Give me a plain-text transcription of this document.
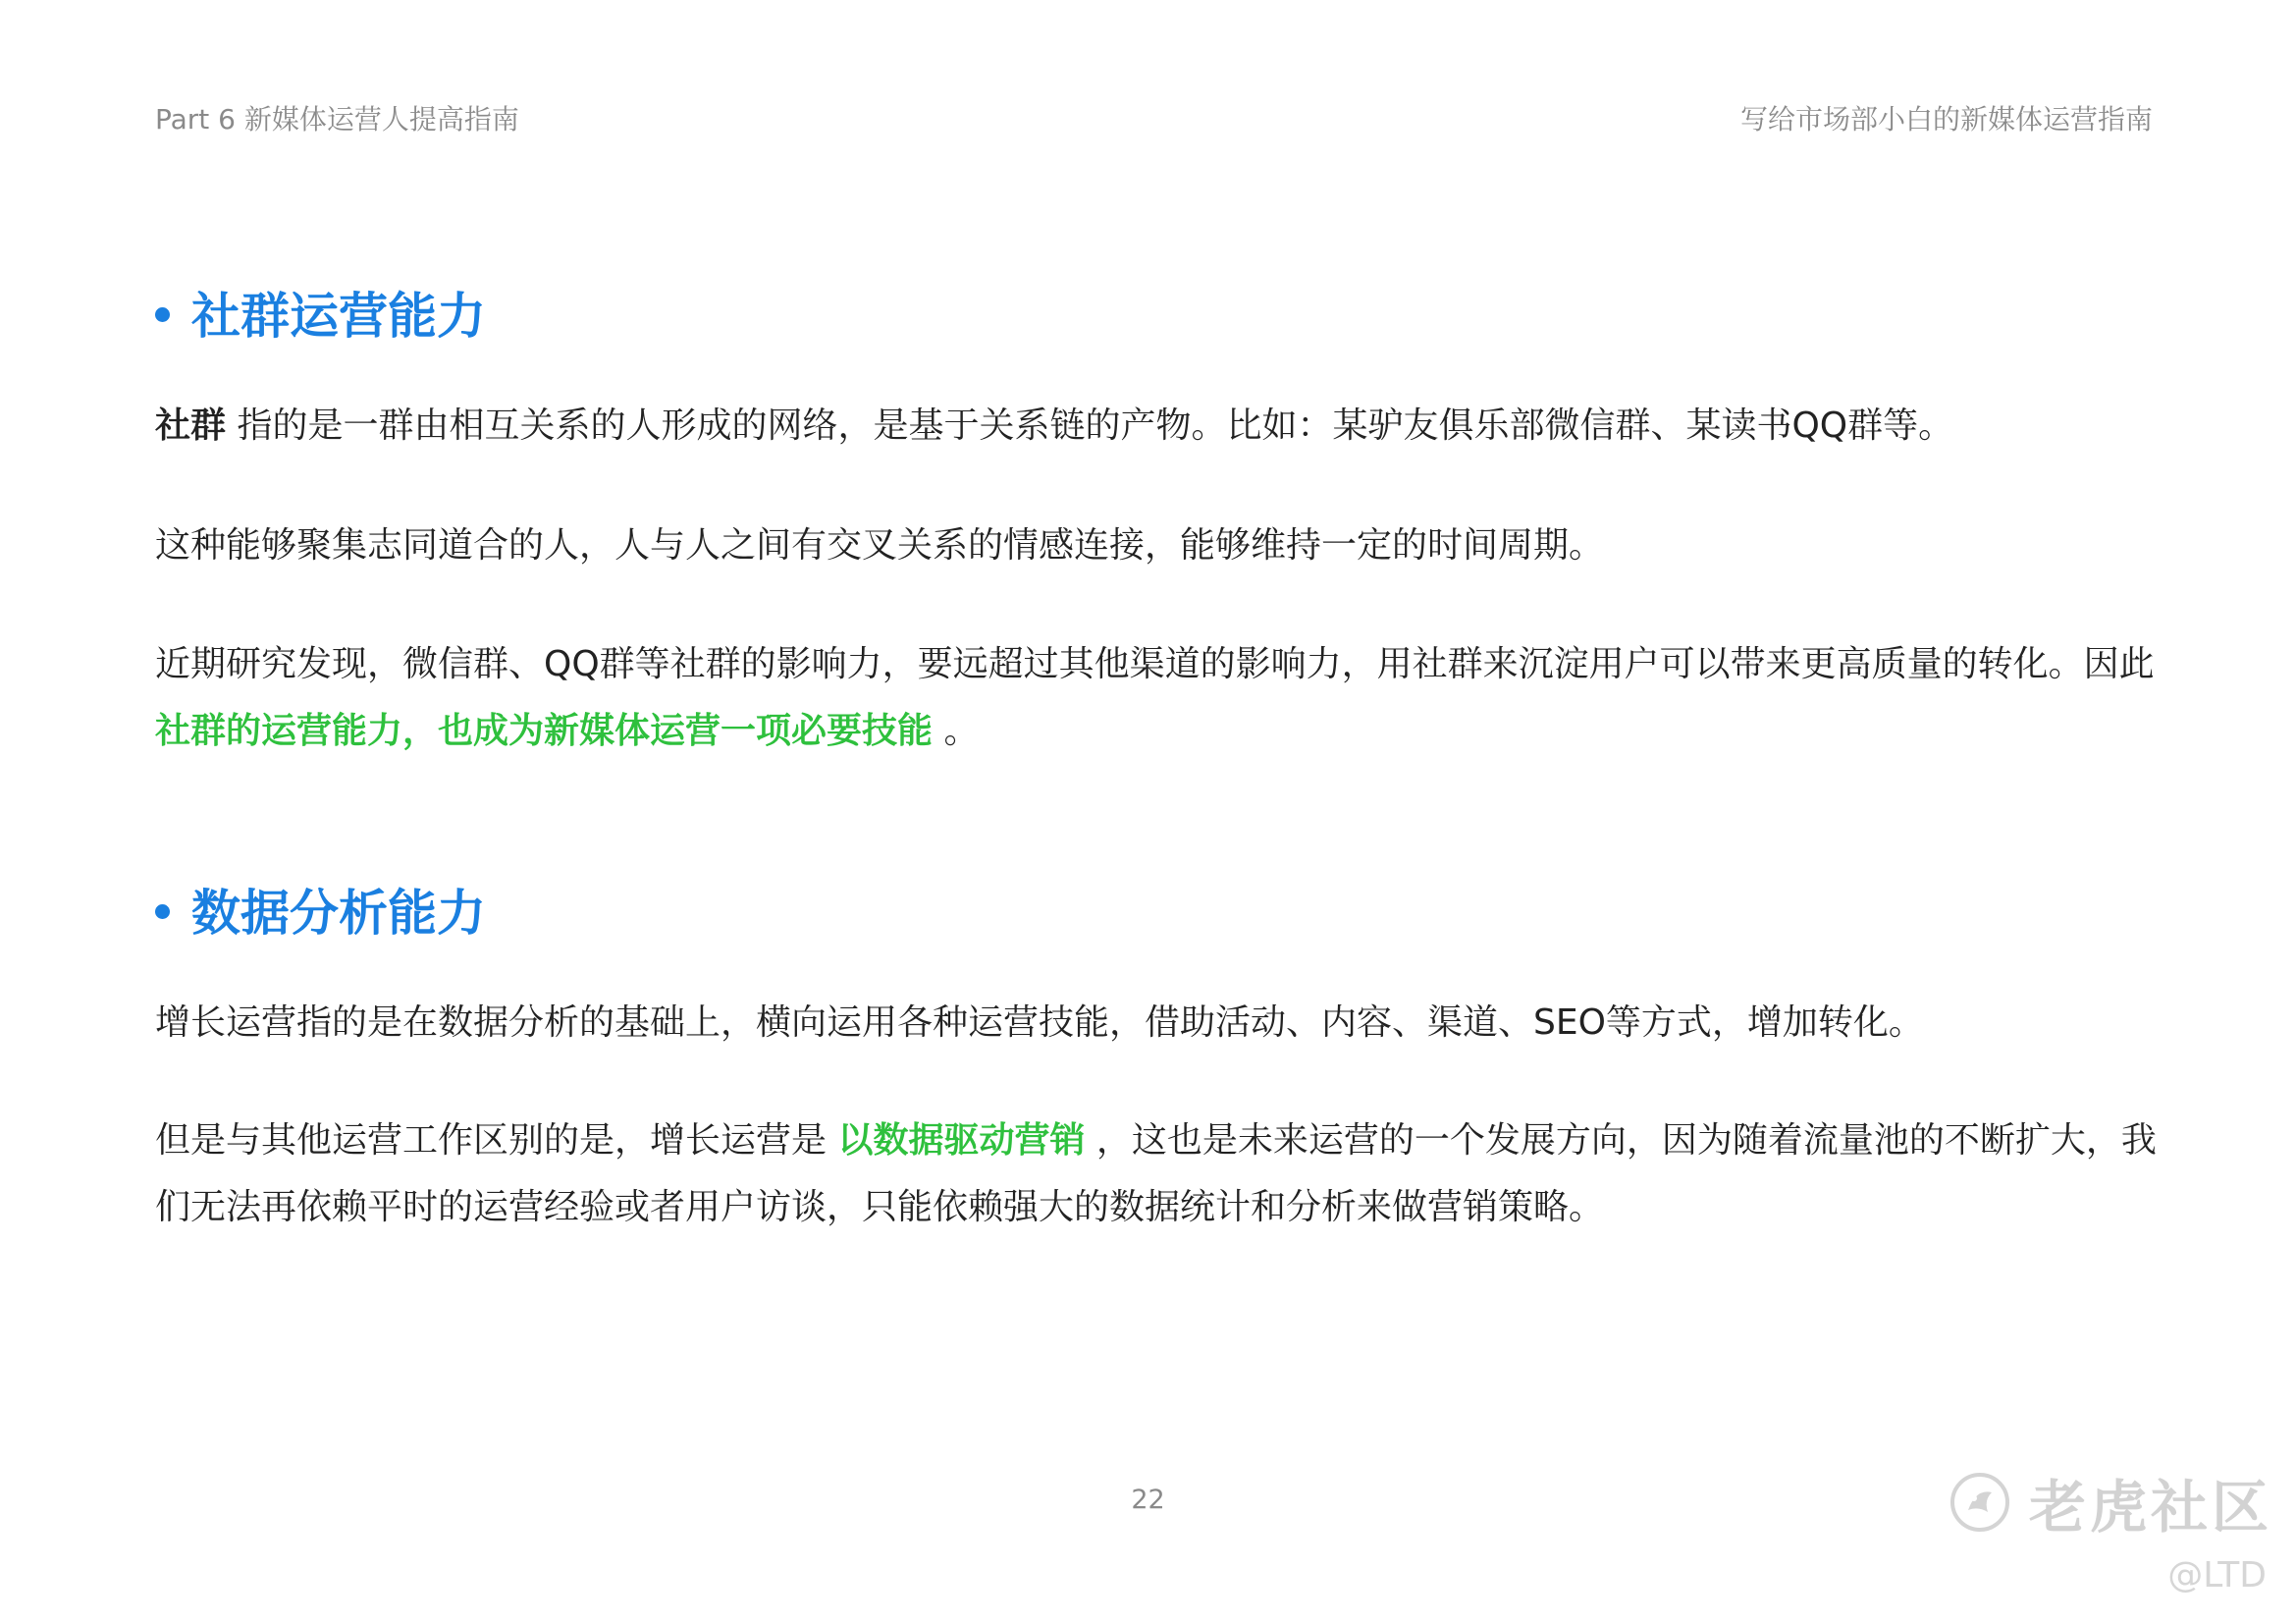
Part 6 新媒体运营人提高指南	写给市场部小白的新媒体运营指南
社群运营能力
社群 指的是一群由相互关系的人形成的网络，是基于关系链的产物。比如：某驴友俱乐部微信群、某读书QQ群等。
这种能够聚集志同道合的人，人与人之间有交叉关系的情感连接，能够维持一定的时间周期。
近期研究发现，微信群、QQ群等社群的影响力，要远超过其他渠道的影响力，用社群来沉淀用户可以带来更高质量的转化。因此 社群的运营能力，也成为新媒体运营一项必要技能 。
数据分析能力
增长运营指的是在数据分析的基础上，横向运用各种运营技能，借助活动、内容、渠道、SEO等方式，增加转化。
但是与其他运营工作区别的是，增长运营是 以数据驱动营销 ，这也是未来运营的一个发展方向，因为随着流量池的不断扩大，我们无法再依赖平时的运营经验或者用户访谈，只能依赖强大的数据统计和分析来做营销策略。
22	老虎社区
@LTD
